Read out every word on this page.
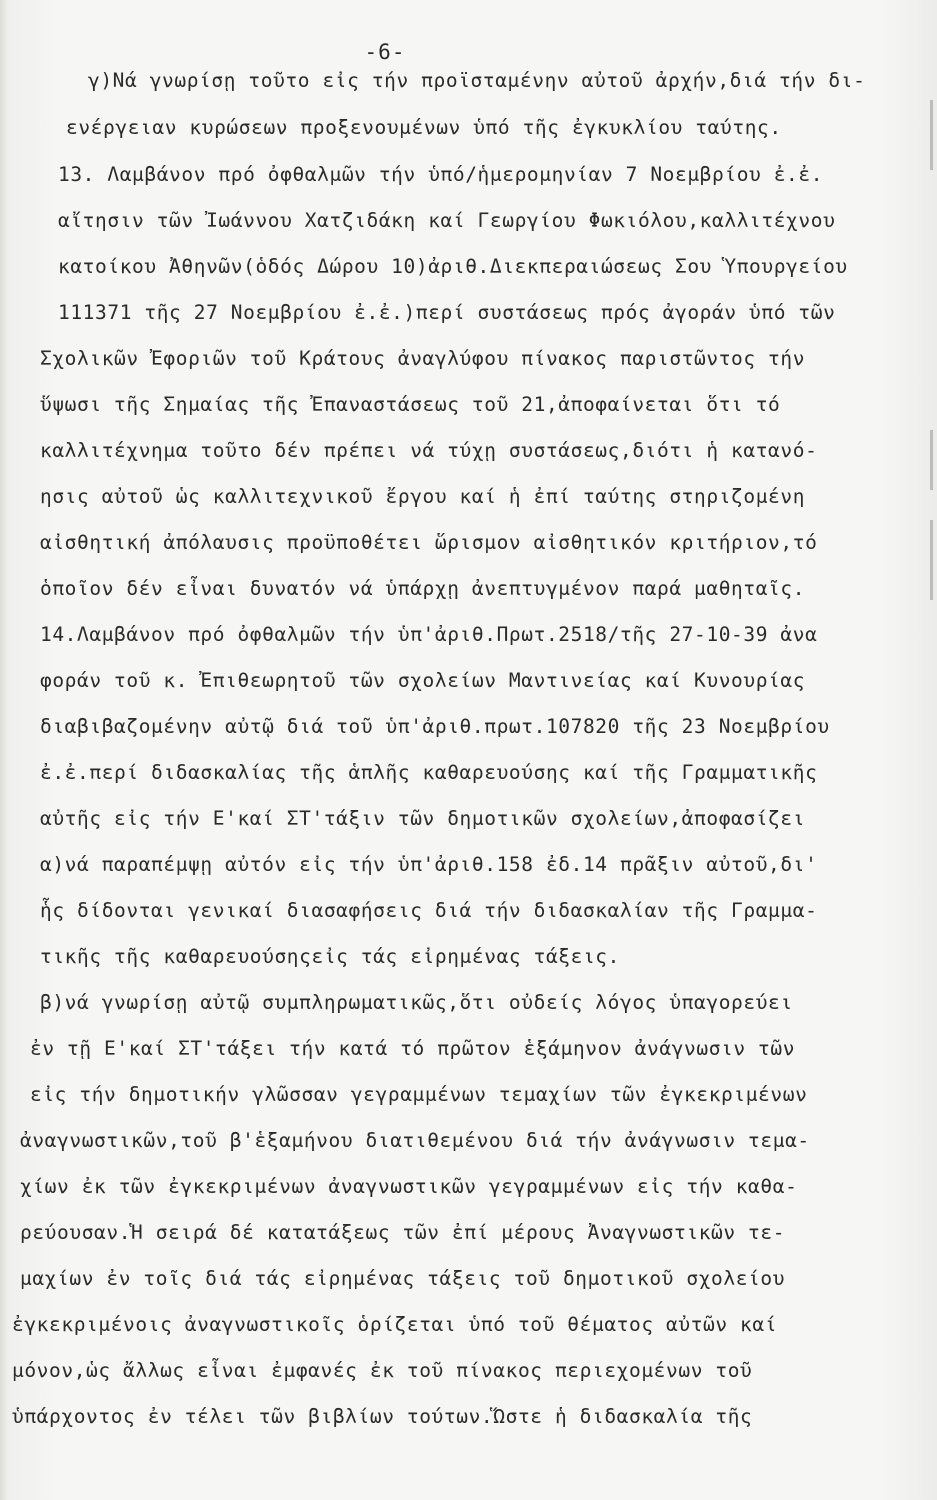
-6-
γ)Νά γνωρίσῃ τοῦτο εἰς τήν προϊσταμένην αὐτοῦ ἀρχήν,διά τήν δι-
ενέργειαν κυρώσεων προξενουμένων ὑπό τῆς ἐγκυκλίου ταύτης.
13. Λαμβάνον πρό ὀφθαλμῶν τήν ὑπό/ἡμερομηνίαν 7 Νοεμβρίου ἐ.ἐ.
αἴτησιν τῶν Ἰωάννου Χατζιδάκη καί Γεωργίου Φωκιόλου,καλλιτέχνου
κατοίκου Ἀθηνῶν(ὁδός Δώρου 10)ἀριθ.Διεκπεραιώσεως Σου Ὑπουργείου
111371 τῆς 27 Νοεμβρίου ἐ.ἐ.)περί συστάσεως πρός ἀγοράν ὑπό τῶν
Σχολικῶν Ἐφοριῶν τοῦ Κράτους ἀναγλύφου πίνακος παριστῶντος τήν
ὕψωσι τῆς Σημαίας τῆς Ἐπαναστάσεως τοῦ 21,ἀποφαίνεται ὅτι τό
καλλιτέχνημα τοῦτο δέν πρέπει νά τύχῃ συστάσεως,διότι ἡ κατανό-
ησις αὐτοῦ ὡς καλλιτεχνικοῦ ἔργου καί ἡ ἐπί ταύτης στηριζομένη
αἰσθητική ἀπόλαυσις προϋποθέτει ὥρισμον αἰσθητικόν κριτήριον,τό
ὁποῖον δέν εἶναι δυνατόν νά ὑπάρχῃ ἀνεπτυγμένον παρά μαθηταῖς.
14.Λαμβάνον πρό ὀφθαλμῶν τήν ὑπ'ἀριθ.Πρωτ.2518/τῆς 27-10-39 ἀνα
φοράν τοῦ κ. Ἐπιθεωρητοῦ τῶν σχολείων Μαντινείας καί Κυνουρίας
διαβιβαζομένην αὐτῷ διά τοῦ ὑπ'ἀριθ.πρωτ.107820 τῆς 23 Νοεμβρίου
ἐ.ἐ.περί διδασκαλίας τῆς ἁπλῆς καθαρευούσης καί τῆς Γραμματικῆς
αὐτῆς εἰς τήν Ε'καί ΣΤ'τάξιν τῶν δημοτικῶν σχολείων,ἀποφασίζει
α)νά παραπέμψῃ αὐτόν εἰς τήν ὑπ'ἀριθ.158 ἐδ.14 πρᾶξιν αὐτοῦ,δι'
ἧς δίδονται γενικαί διασαφήσεις διά τήν διδασκαλίαν τῆς Γραμμα-
τικῆς τῆς καθαρευούσηςεἰς τάς εἰρημένας τάξεις.
β)νά γνωρίσῃ αὐτῷ συμπληρωματικῶς,ὅτι οὐδείς λόγος ὑπαγορεύει
ἐν τῇ Ε'καί ΣΤ'τάξει τήν κατά τό πρῶτον ἑξάμηνον ἀνάγνωσιν τῶν
εἰς τήν δημοτικήν γλῶσσαν γεγραμμένων τεμαχίων τῶν ἐγκεκριμένων
ἀναγνωστικῶν,τοῦ β'ἑξαμήνου διατιθεμένου διά τήν ἀνάγνωσιν τεμα-
χίων ἐκ τῶν ἐγκεκριμένων ἀναγνωστικῶν γεγραμμένων εἰς τήν καθα-
ρεύουσαν.Ἡ σειρά δέ κατατάξεως τῶν ἐπί μέρους Ἀναγνωστικῶν τε-
μαχίων ἐν τοῖς διά τάς εἰρημένας τάξεις τοῦ δημοτικοῦ σχολείου
ἐγκεκριμένοις ἀναγνωστικοῖς ὁρίζεται ὑπό τοῦ θέματος αὐτῶν καί
μόνον,ὡς ἄλλως εἶναι ἐμφανές ἐκ τοῦ πίνακος περιεχομένων τοῦ
ὑπάρχοντος ἐν τέλει τῶν βιβλίων τούτων.Ὥστε ἡ διδασκαλία τῆς
